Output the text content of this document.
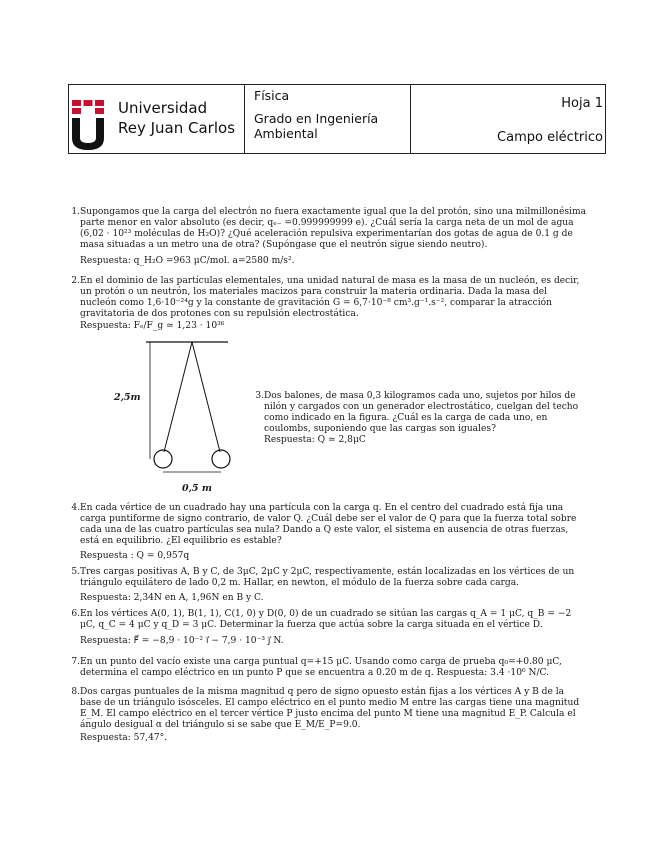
Universidad
Rey Juan Carlos
Física
Grado en Ingeniería Ambiental
Hoja 1
Campo eléctrico
1. Supongamos que la carga del electrón no fuera exactamente igual que la del protón, sino una milmillonésima parte menor en valor absoluto (es decir, qₑ₋ =0.999999999 e). ¿Cuál sería la carga neta de un mol de agua (6,02 · 10²³ moléculas de H₂O)? ¿Qué aceleración repulsiva experimentarían dos gotas de agua de 0.1 g de masa situadas a un metro una de otra? (Supóngase que el neutrón sigue siendo neutro).
Respuesta: q_H₂O =963 μC/mol. a=2580 m/s².
2. En el dominio de las partículas elementales, una unidad natural de masa es la masa de un nucleón, es decir, un protón o un neutrón, los materiales macizos para construir la materia ordinaria. Dada la masa del nucleón como 1,6·10⁻²⁴g y la constante de gravitación G = 6,7·10⁻⁸ cm³.g⁻¹.s⁻², comparar la atracción gravitatoria de dos protones con su repulsión electrostática.
Respuesta: Fₑ/F_g ≃ 1,23 · 10³⁶
2,5m
0,5 m
3. Dos balones, de masa 0,3 kilogramos cada uno, sujetos por hilos de nilón y cargados con un generador electrostático, cuelgan del techo como indicado en la figura. ¿Cuál es la carga de cada uno, en coulombs, suponiendo que las cargas son iguales?
Respuesta: Q ≃ 2,8μC
4. En cada vértice de un cuadrado hay una partícula con la carga q. En el centro del cuadrado está fija una carga puntiforme de signo contrario, de valor Q. ¿Cuál debe ser el valor de Q para que la fuerza total sobre cada una de las cuatro partículas sea nula? Dando a Q este valor, el sistema en ausencia de otras fuerzas, está en equilibrio. ¿El equilibrio es estable?
Respuesta : Q = 0,957q
5. Tres cargas positivas A, B y C, de 3μC, 2μC y 2μC, respectivamente, están localizadas en los vértices de un triángulo equilátero de lado 0,2 m. Hallar, en newton, el módulo de la fuerza sobre cada carga.
Respuesta: 2,34N en A, 1,96N en B y C.
6. En los vértices A(0, 1), B(1, 1), C(1, 0) y D(0, 0) de un cuadrado se sitúan las cargas q_A = 1 μC, q_B = −2 μC, q_C = 4 μC y q_D = 3 μC. Determinar la fuerza que actúa sobre la carga situada en el vértice D.
Respuesta: F⃗ = −8,9 · 10⁻² i⃗ − 7,9 · 10⁻³ j⃗ N.
7. En un punto del vacío existe una carga puntual q=+15 μC. Usando como carga de prueba q₀=+0.80 μC, determina el campo eléctrico en un punto P que se encuentra a 0.20 m de q. Respuesta: 3.4 ·10⁶ N/C.
8. Dos cargas puntuales de la misma magnitud q pero de signo opuesto están fijas a los vértices A y B de la base de un triángulo isósceles. El campo eléctrico en el punto medio M entre las cargas tiene una magnitud E_M. El campo eléctrico en el tercer vértice P justo encima del punto M tiene una magnitud E_P. Calcula el ángulo desigual α del triángulo si se sabe que E_M/E_P=9.0.
Respuesta: 57,47°.
